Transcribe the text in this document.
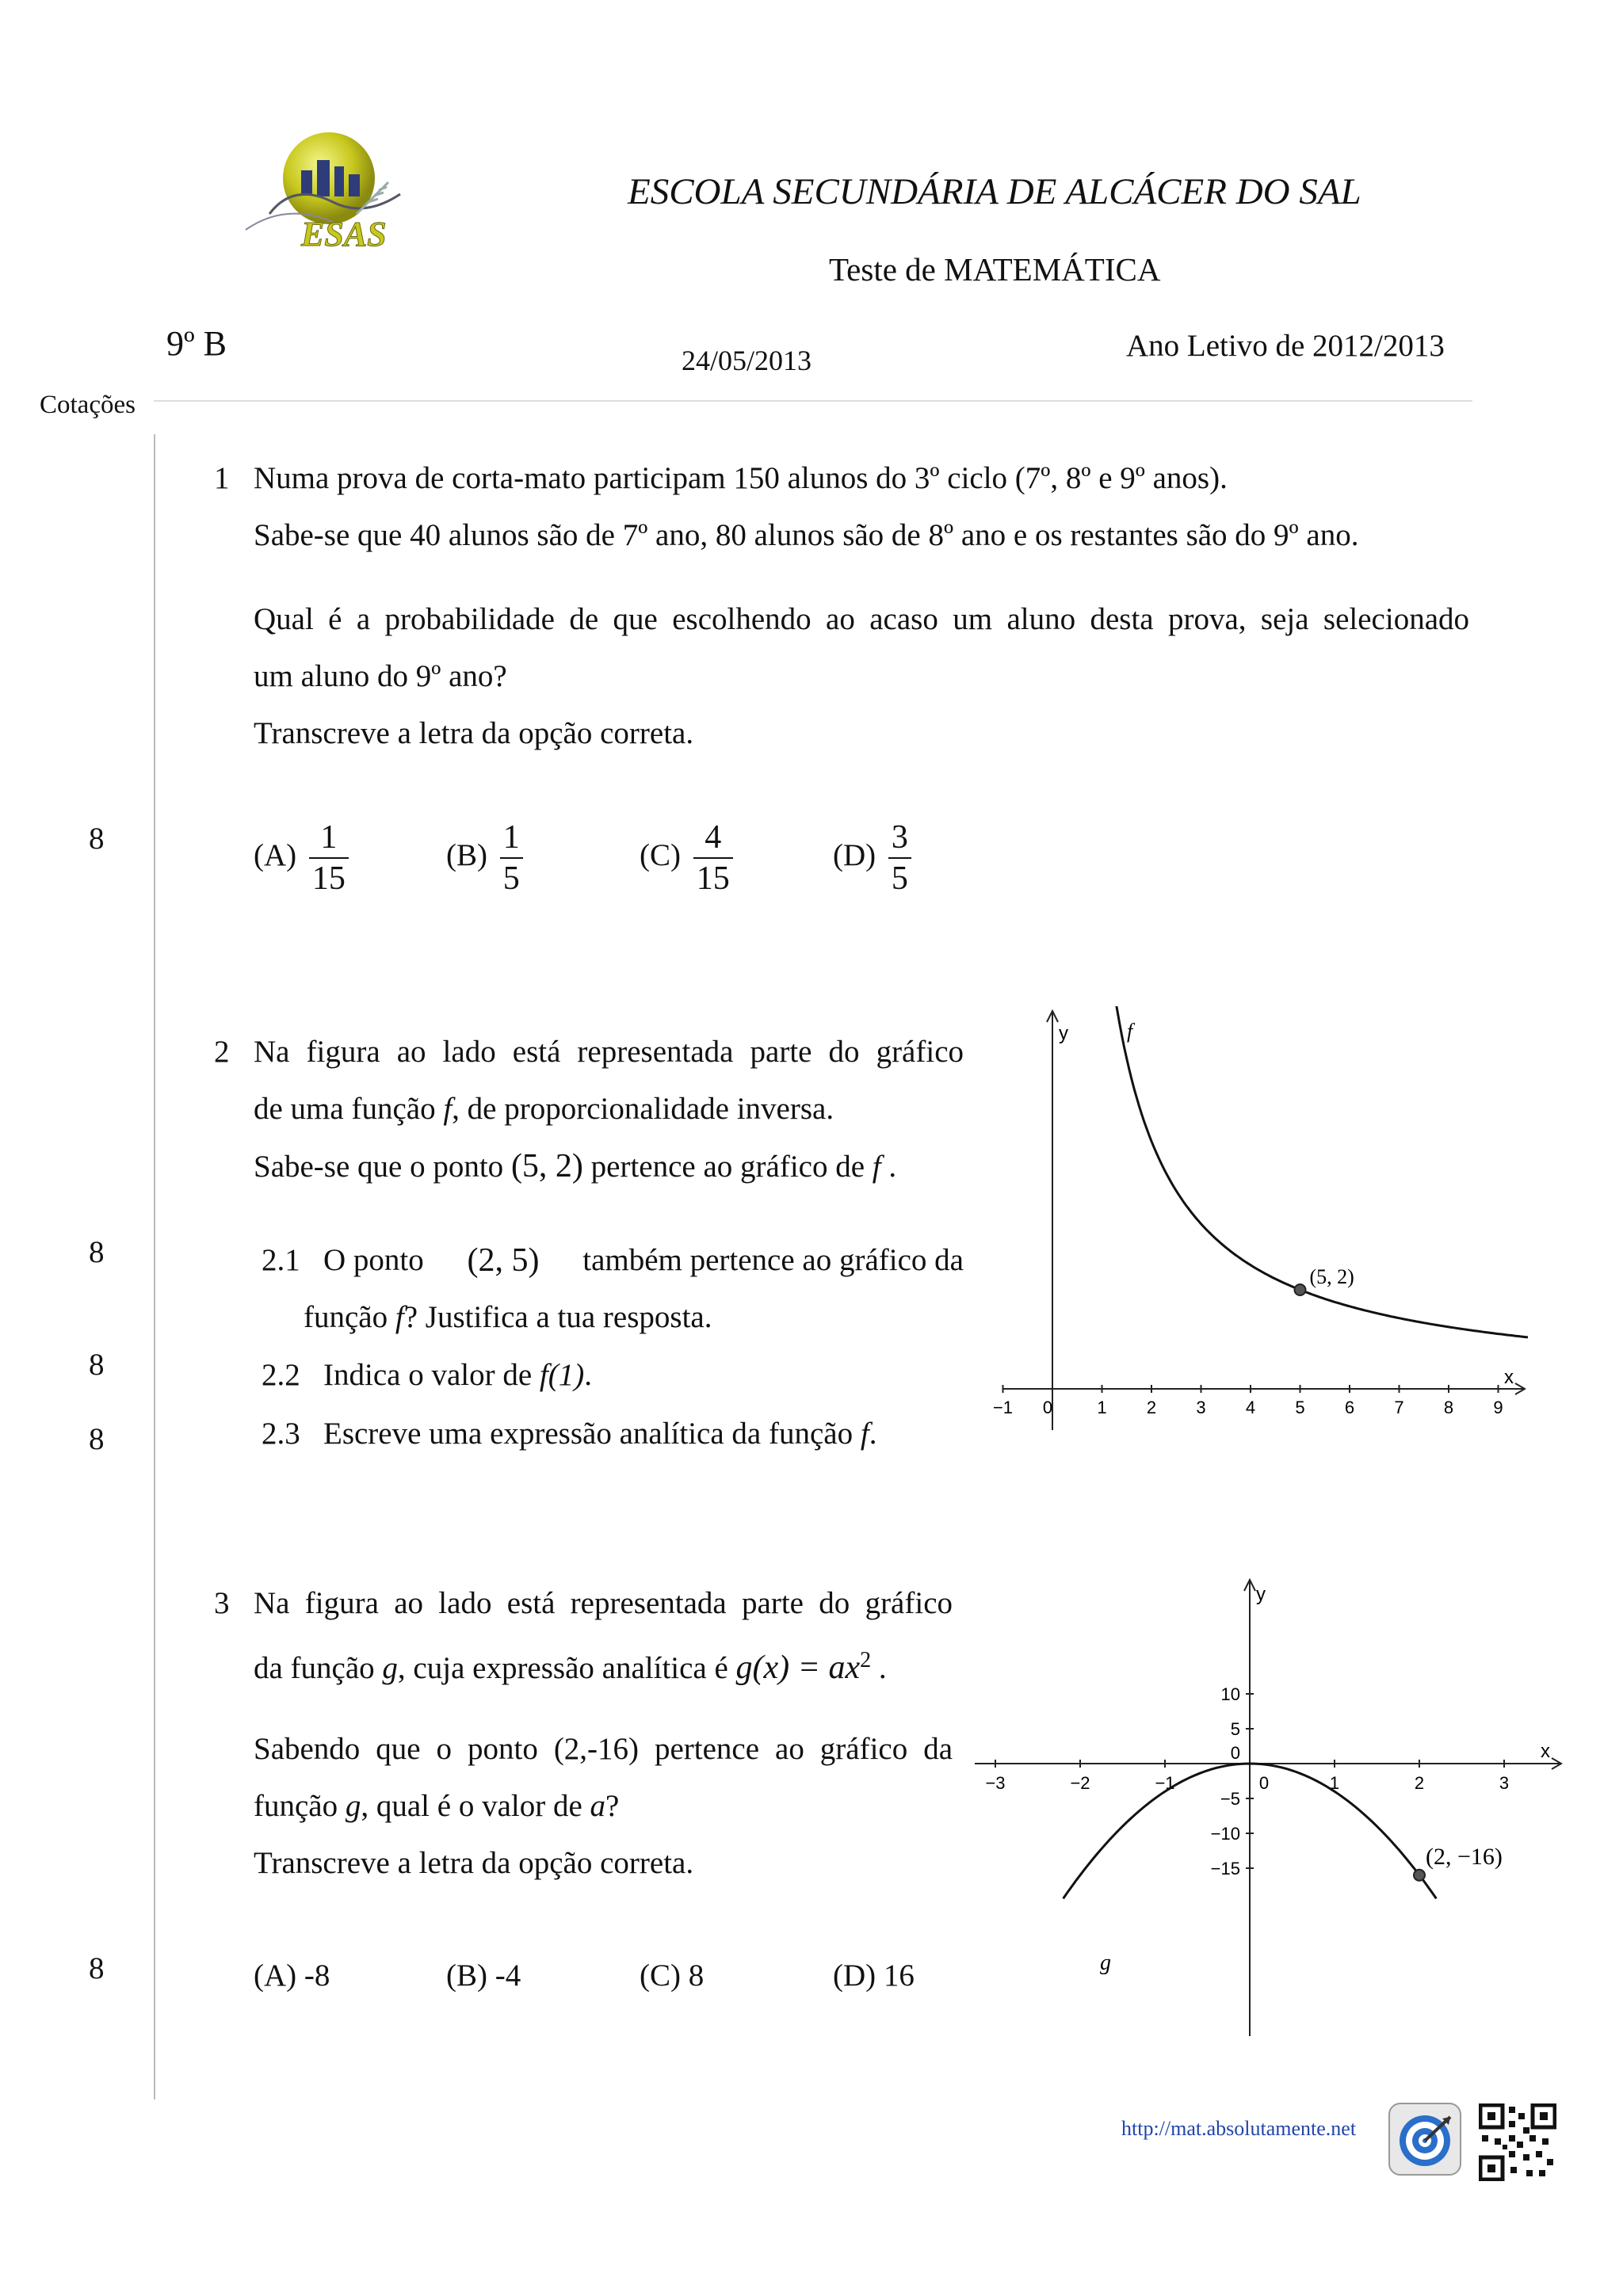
ESAS
ESCOLA SECUNDÁRIA DE ALCÁCER DO SAL
Teste de MATEMÁTICA
9º B	24/05/2013	Ano Letivo de 2012/2013
Cotações
1 Numa prova de corta-mato participam 150 alunos do 3º ciclo (7º, 8º e 9º anos).
Sabe-se que 40 alunos são de 7º ano, 80 alunos são de 8º ano e os restantes são do 9º ano.
Qual é a probabilidade de que escolhendo ao acaso um aluno desta prova, seja selecionado
um aluno do 9º ano?
Transcreve a letra da opção correta.
8	$(A) \frac{1}{15}$	$(B) \frac{1}{5}$	$(C) \frac{4}{15}$	$(D) \frac{3}{5}$
2 Na figura ao lado está representada parte do gráfico
de uma função f, de proporcionalidade inversa.
Sabe-se que o ponto (5, 2) pertence ao gráfico de f .
8
8
8
2.1 O ponto (2, 5) também pertence ao gráfico da
função f? Justifica a tua resposta.
2.2 Indica o valor de f(1).
2.3 Escreve uma expressão analítica da função f.
x
y
−1 0	1 2 3 4 5 6 7 8 9
f
(5, 2)
3 Na figura ao lado está representada parte do gráfico
da função g, cuja expressão analítica é $g(x) = ax^2$ .
Sabendo que o ponto (2,-16) pertence ao gráfico da
função g, qual é o valor de a?
Transcreve a letra da opção correta.
8	(A) -8	(B) -4	(C) 8	(D) 16
x
y
−3	−2	−1	0	1	2	3
10
5
0
−5
−10
−15
g
(2, −16)
http://mat.absolutamente.net
